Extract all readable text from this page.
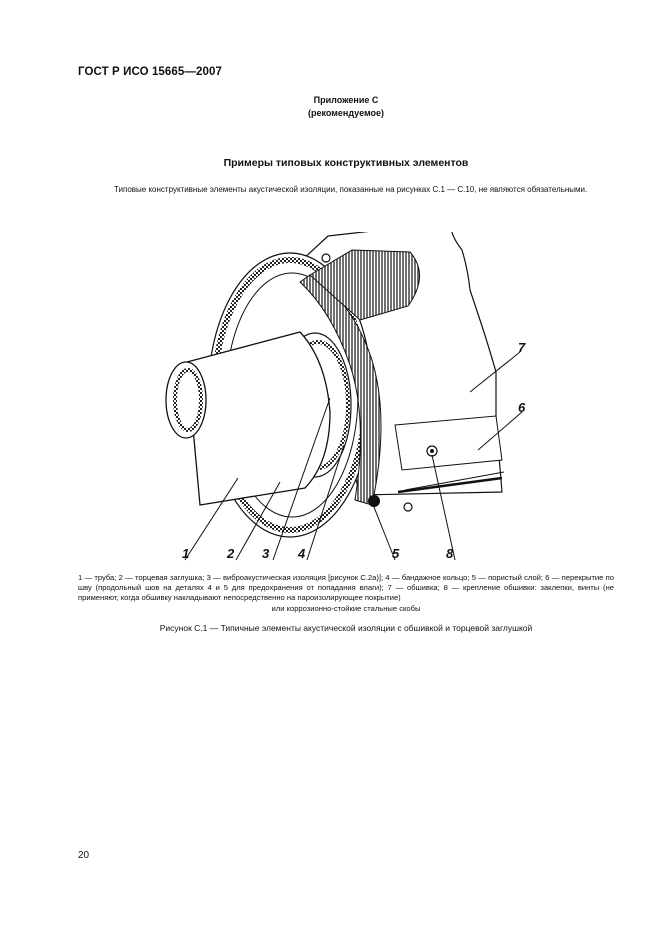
ГОСТ Р ИСО 15665—2007
Приложение С
(рекомендуемое)
Примеры типовых конструктивных элементов
Типовые конструктивные элементы акустической изоляции, показанные на рисунках С.1 — С.10, не являются обязательными.
1	2 3 4	5	8
7
6
1 — труба; 2 — торцевая заглушка; 3 — виброакустическая изоляция [рисунок С.2а)]; 4 — бандажное кольцо; 5 — пористый слой; 6 — перекрытие по шву (продольный шов на деталях 4 и 5 для предохранения от попадания влаги); 7 — обшивка; 8 — крепление обшивки: заклепки, винты (не применяют, когда обшивку накладывают непосредственно на пароизолирующее покрытие)
или коррозионно-стойкие стальные скобы
Рисунок С.1 — Типичные элементы акустической изоляции с обшивкой и торцевой заглушкой
20
